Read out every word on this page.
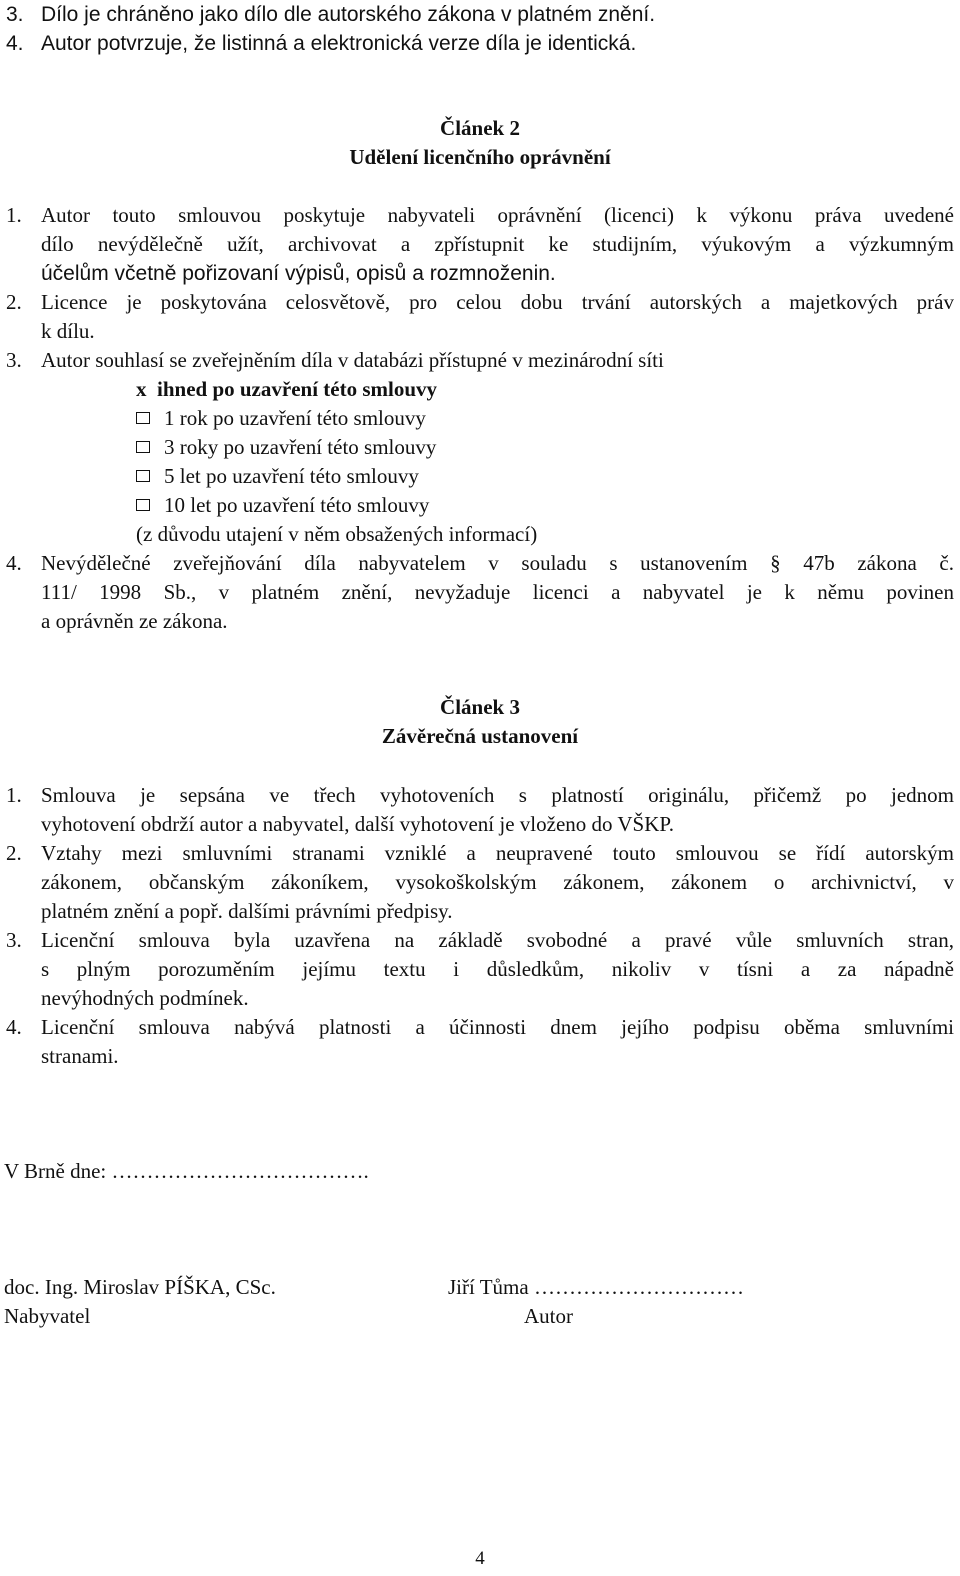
3. Dílo je chráněno jako dílo dle autorského zákona v platném znění.
4. Autor potvrzuje, že listinná a elektronická verze díla je identická.
Článek 2
Udělení licenčního oprávnění
1. Autor touto smlouvou poskytuje nabyvateli oprávnění (licenci) k výkonu práva uvedené
dílo nevýdělečně užít, archivovat a zpřístupnit ke studijním, výukovým a výzkumným
účelům včetně pořizovaní výpisů, opisů a rozmnoženin.
2. Licence je poskytována celosvětově, pro celou dobu trvání autorských a majetkových práv
k dílu.
3. Autor souhlasí se zveřejněním díla v databázi přístupné v mezinárodní síti
x ihned po uzavření této smlouvy
1 rok po uzavření této smlouvy
3 roky po uzavření této smlouvy
5 let po uzavření této smlouvy
10 let po uzavření této smlouvy
(z důvodu utajení v něm obsažených informací)
4. Nevýdělečné zveřejňování díla nabyvatelem v souladu s ustanovením § 47b zákona č.
111/ 1998 Sb., v platném znění, nevyžaduje licenci a nabyvatel je k němu povinen
a oprávněn ze zákona.
Článek 3
Závěrečná ustanovení
1. Smlouva je sepsána ve třech vyhotoveních s platností originálu, přičemž po jednom
vyhotovení obdrží autor a nabyvatel, další vyhotovení je vloženo do VŠKP.
2. Vztahy mezi smluvními stranami vzniklé a neupravené touto smlouvou se řídí autorským
zákonem, občanským zákoníkem, vysokoškolským zákonem, zákonem o archivnictví, v
platném znění a popř. dalšími právními předpisy.
3. Licenční smlouva byla uzavřena na základě svobodné a pravé vůle smluvních stran,
s plným porozuměním jejímu textu i důsledkům, nikoliv v tísni a za nápadně
nevýhodných podmínek.
4. Licenční smlouva nabývá platnosti a účinnosti dnem jejího podpisu oběma smluvními
stranami.
V Brně dne: ……………………………….
doc. Ing. Miroslav PÍŠKA, CSc.
Nabyvatel
Jiří Tůma …………………………
Autor
4
